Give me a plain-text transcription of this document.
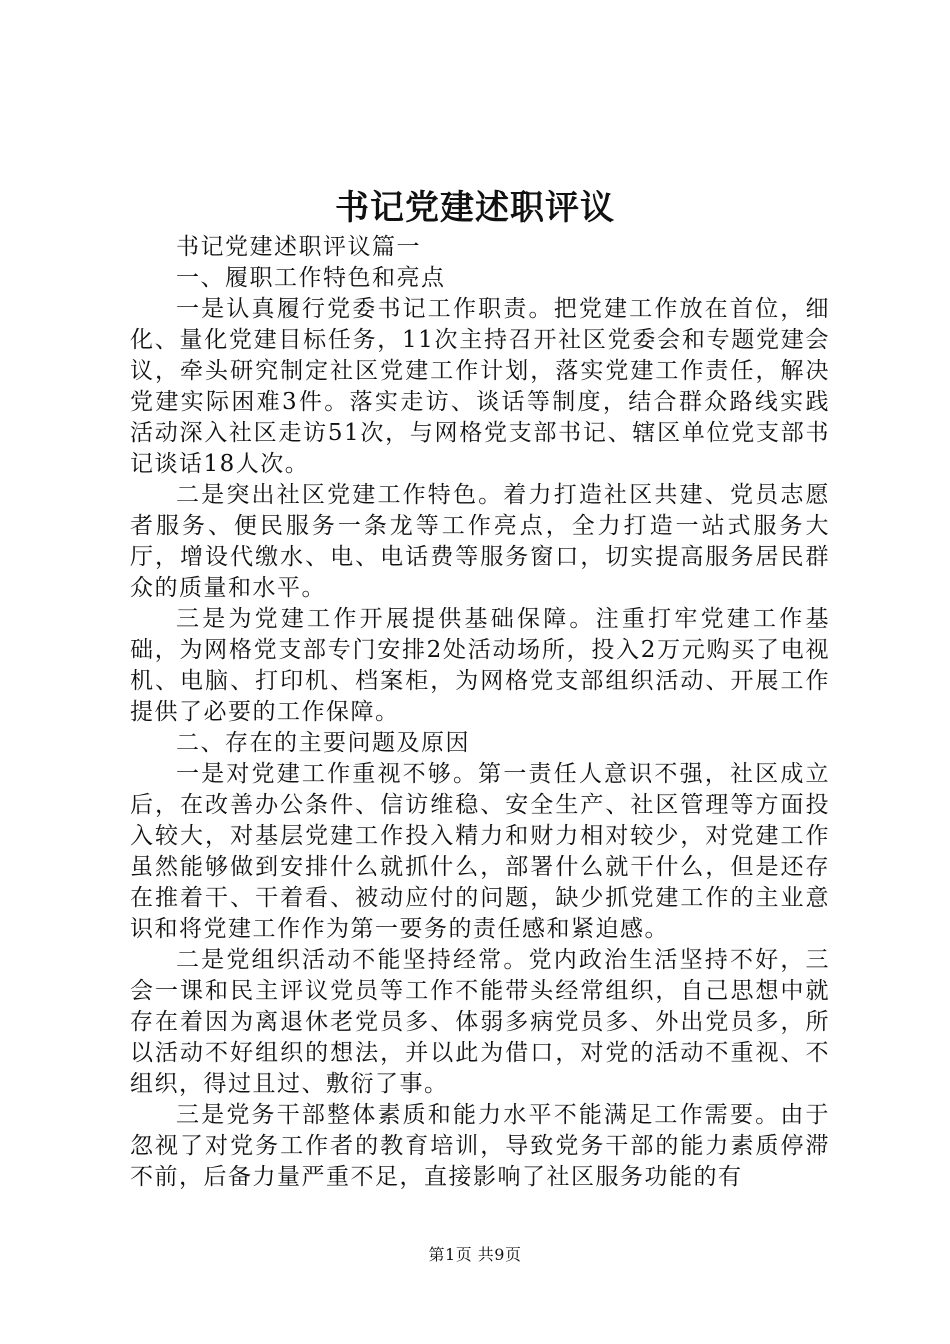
书记党建述职评议

书记党建述职评议篇一

一、履职工作特色和亮点

一是认真履行党委书记工作职责。把党建工作放在首位，细化、量化党建目标任务，11次主持召开社区党委会和专题党建会议，牵头研究制定社区党建工作计划，落实党建工作责任，解决党建实际困难3件。落实走访、谈话等制度，结合群众路线实践活动深入社区走访51次，与网格党支部书记、辖区单位党支部书记谈话18人次。

二是突出社区党建工作特色。着力打造社区共建、党员志愿者服务、便民服务一条龙等工作亮点，全力打造一站式服务大厅，增设代缴水、电、电话费等服务窗口，切实提高服务居民群众的质量和水平。

三是为党建工作开展提供基础保障。注重打牢党建工作基础，为网格党支部专门安排2处活动场所，投入2万元购买了电视机、电脑、打印机、档案柜，为网格党支部组织活动、开展工作提供了必要的工作保障。

二、存在的主要问题及原因

一是对党建工作重视不够。第一责任人意识不强，社区成立后，在改善办公条件、信访维稳、安全生产、社区管理等方面投入较大，对基层党建工作投入精力和财力相对较少，对党建工作虽然能够做到安排什么就抓什么，部署什么就干什么，但是还存在推着干、干着看、被动应付的问题，缺少抓党建工作的主业意识和将党建工作作为第一要务的责任感和紧迫感。

二是党组织活动不能坚持经常。党内政治生活坚持不好，三会一课和民主评议党员等工作不能带头经常组织，自己思想中就存在着因为离退休老党员多、体弱多病党员多、外出党员多，所以活动不好组织的想法，并以此为借口，对党的活动不重视、不组织，得过且过、敷衍了事。

三是党务干部整体素质和能力水平不能满足工作需要。由于忽视了对党务工作者的教育培训，导致党务干部的能力素质停滞不前，后备力量严重不足，直接影响了社区服务功能的有

第1页 共9页
